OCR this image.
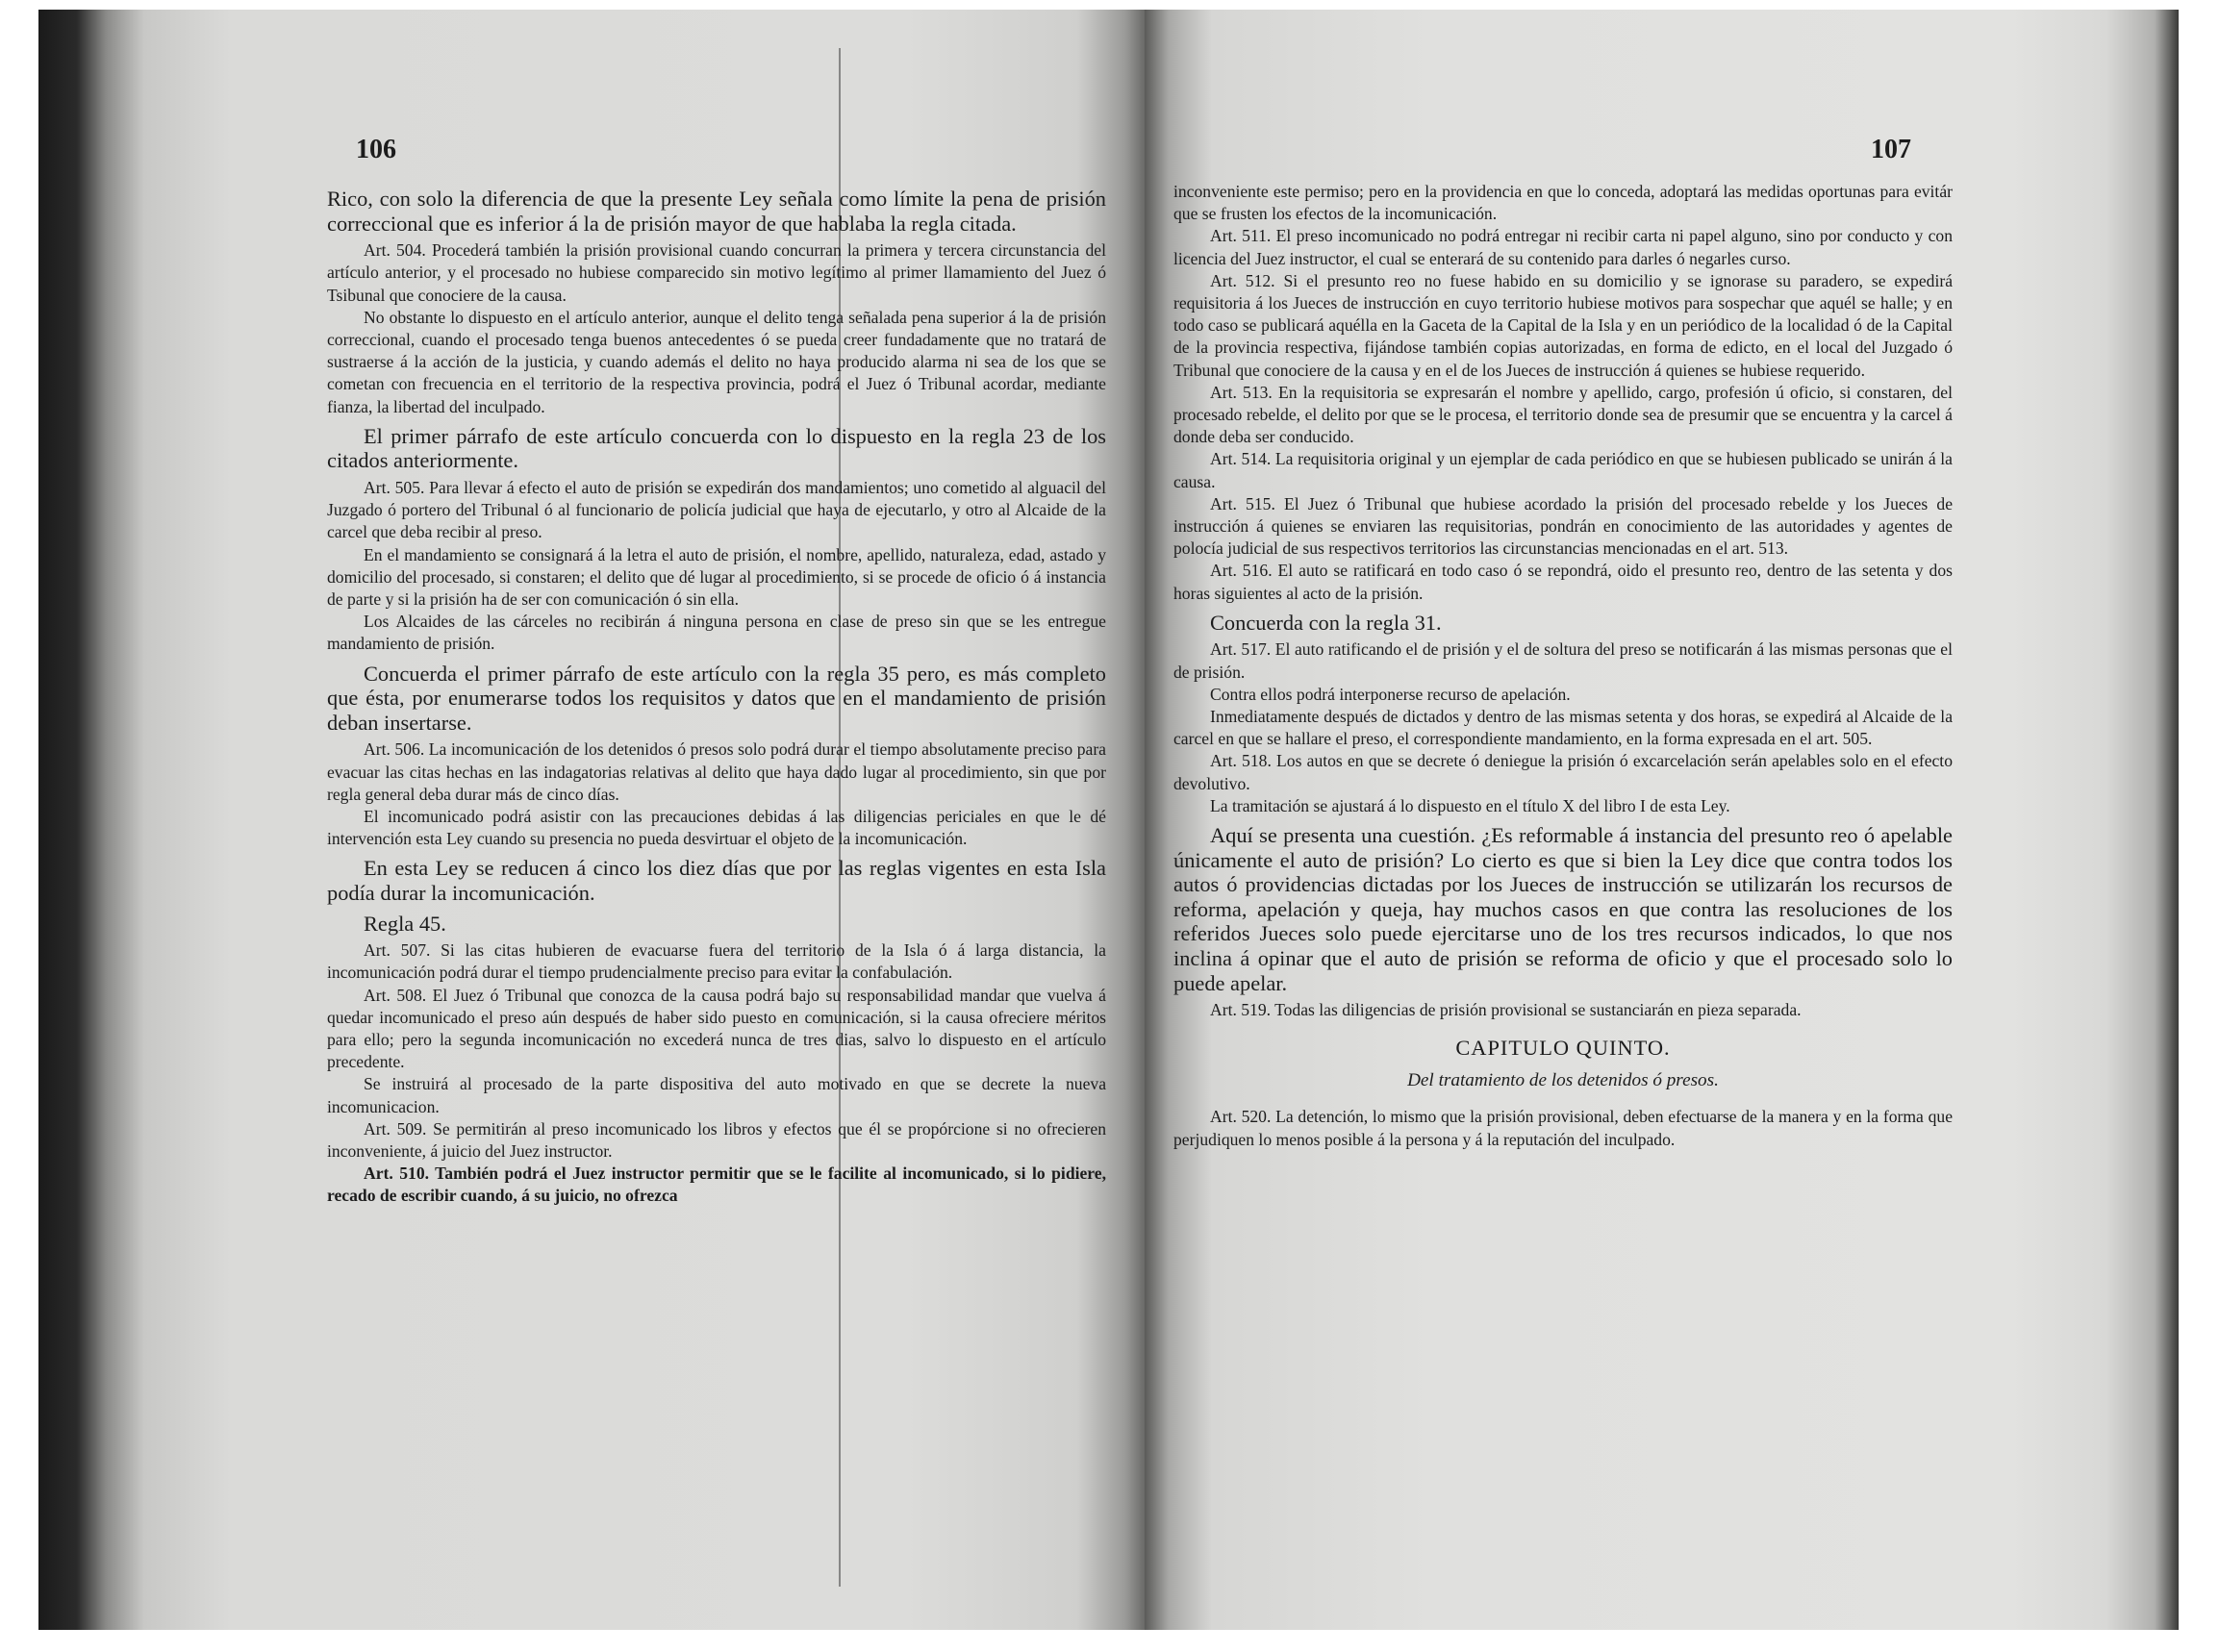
106	107

Rico, con solo la diferencia de que la presente Ley señala como límite la pena de prisión correccional que es inferior á la de prisión mayor de que hablaba la regla citada.

Art. 504. Procederá también la prisión provisional cuando concurran la primera y tercera circunstancia del artículo anterior, y el procesado no hubiese comparecido sin motivo legítimo al primer llamamiento del Juez ó Tsibunal que conociere de la causa.

No obstante lo dispuesto en el artículo anterior, aunque el delito tenga señalada pena superior á la de prisión correccional, cuando el procesado tenga buenos antecedentes ó se pueda creer fundadamente que no tratará de sustraerse á la acción de la justicia, y cuando además el delito no haya producido alarma ni sea de los que se cometan con frecuencia en el territorio de la respectiva provincia, podrá el Juez ó Tribunal acordar, mediante fianza, la libertad del inculpado.

El primer párrafo de este artículo concuerda con lo dispuesto en la regla 23 de los citados anteriormente.

Art. 505. Para llevar á efecto el auto de prisión se expedirán dos mandamientos; uno cometido al alguacil del Juzgado ó portero del Tribunal ó al funcionario de policía judicial que haya de ejecutarlo, y otro al Alcaide de la carcel que deba recibir al preso.

En el mandamiento se consignará á la letra el auto de prisión, el nombre, apellido, naturaleza, edad, astado y domicilio del procesado, si constaren; el delito que dé lugar al procedimiento, si se procede de oficio ó á instancia de parte y si la prisión ha de ser con comunicación ó sin ella.

Los Alcaides de las cárceles no recibirán á ninguna persona en clase de preso sin que se les entregue mandamiento de prisión.

Concuerda el primer párrafo de este artículo con la regla 35 pero, es más completo que ésta, por enumerarse todos los requisitos y datos que en el mandamiento de prisión deban insertarse.

Art. 506. La incomunicación de los detenidos ó presos solo podrá durar el tiempo absolutamente preciso para evacuar las citas hechas en las indagatorias relativas al delito que haya dado lugar al procedimiento, sin que por regla general deba durar más de cinco días.

El incomunicado podrá asistir con las precauciones debidas á las diligencias periciales en que le dé intervención esta Ley cuando su presencia no pueda desvirtuar el objeto de la incomunicación.

En esta Ley se reducen á cinco los diez días que por las reglas vigentes en esta Isla podía durar la incomunicación.

Regla 45.

Art. 507. Si las citas hubieren de evacuarse fuera del territorio de la Isla ó á larga distancia, la incomunicación podrá durar el tiempo prudencialmente preciso para evitar la confabulación.

Art. 508. El Juez ó Tribunal que conozca de la causa podrá bajo su responsabilidad mandar que vuelva á quedar incomunicado el preso aún después de haber sido puesto en comunicación, si la causa ofreciere méritos para ello; pero la segunda incomunicación no excederá nunca de tres dias, salvo lo dispuesto en el artículo precedente.

Se instruirá al procesado de la parte dispositiva del auto motivado en que se decrete la nueva incomunicacion.

Art. 509. Se permitirán al preso incomunicado los libros y efectos que él se propórcione si no ofrecieren inconveniente, á juicio del Juez instructor.

Art. 510. También podrá el Juez instructor permitir que se le facilite al incomunicado, si lo pidiere, recado de escribir cuando, á su juicio, no ofrezca

inconveniente este permiso; pero en la providencia en que lo conceda, adoptará las medidas oportunas para evitár que se frusten los efectos de la incomunicación.

Art. 511. El preso incomunicado no podrá entregar ni recibir carta ni papel alguno, sino por conducto y con licencia del Juez instructor, el cual se enterará de su contenido para darles ó negarles curso.

Art. 512. Si el presunto reo no fuese habido en su domicilio y se ignorase su paradero, se expedirá requisitoria á los Jueces de instrucción en cuyo territorio hubiese motivos para sospechar que aquél se halle; y en todo caso se publicará aquélla en la Gaceta de la Capital de la Isla y en un periódico de la localidad ó de la Capital de la provincia respectiva, fijándose también copias autorizadas, en forma de edicto, en el local del Juzgado ó Tribunal que conociere de la causa y en el de los Jueces de instrucción á quienes se hubiese requerido.

Art. 513. En la requisitoria se expresarán el nombre y apellido, cargo, profesión ú oficio, si constaren, del procesado rebelde, el delito por que se le procesa, el territorio donde sea de presumir que se encuentra y la carcel á donde deba ser conducido.

Art. 514. La requisitoria original y un ejemplar de cada periódico en que se hubiesen publicado se unirán á la causa.

Art. 515. El Juez ó Tribunal que hubiese acordado la prisión del procesado rebelde y los Jueces de instrucción á quienes se enviaren las requisitorias, pondrán en conocimiento de las autoridades y agentes de polocía judicial de sus respectivos territorios las circunstancias mencionadas en el art. 513.

Art. 516. El auto se ratificará en todo caso ó se repondrá, oido el presunto reo, dentro de las setenta y dos horas siguientes al acto de la prisión.

Concuerda con la regla 31.

Art. 517. El auto ratificando el de prisión y el de soltura del preso se notificarán á las mismas personas que el de prisión.

Contra ellos podrá interponerse recurso de apelación.

Inmediatamente después de dictados y dentro de las mismas setenta y dos horas, se expedirá al Alcaide de la carcel en que se hallare el preso, el correspondiente mandamiento, en la forma expresada en el art. 505.

Art. 518. Los autos en que se decrete ó deniegue la prisión ó excarcelación serán apelables solo en el efecto devolutivo.

La tramitación se ajustará á lo dispuesto en el título X del libro I de esta Ley.

Aquí se presenta una cuestión. ¿Es reformable á instancia del presunto reo ó apelable únicamente el auto de prisión? Lo cierto es que si bien la Ley dice que contra todos los autos ó providencias dictadas por los Jueces de instrucción se utilizarán los recursos de reforma, apelación y queja, hay muchos casos en que contra las resoluciones de los referidos Jueces solo puede ejercitarse uno de los tres recursos indicados, lo que nos inclina á opinar que el auto de prisión se reforma de oficio y que el procesado solo lo puede apelar.

Art. 519. Todas las diligencias de prisión provisional se sustanciarán en pieza separada.

CAPITULO QUINTO.

Del tratamiento de los detenidos ó presos.

Art. 520. La detención, lo mismo que la prisión provisional, deben efectuarse de la manera y en la forma que perjudiquen lo menos posible á la persona y á la reputación del inculpado.
